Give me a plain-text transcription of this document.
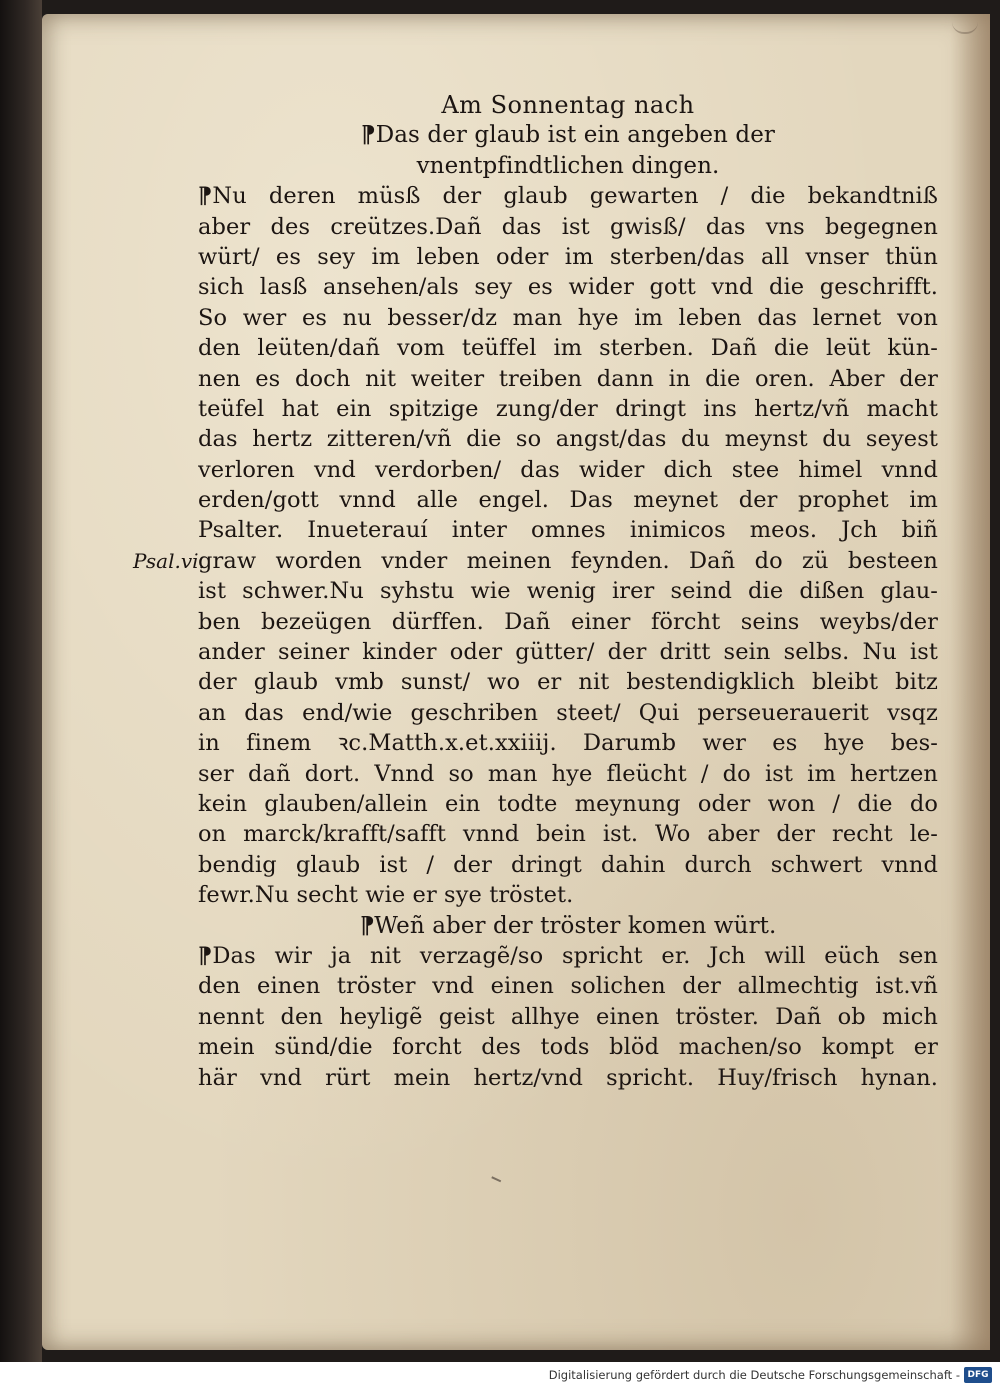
Psal.vi.
Am Sonnentag nach
¶Das der glaub ist ein angeben der
vnentpfindtlichen dingen.
¶Nu deren müsß der glaub gewarten / die bekandtniß
aber des creützes.Dañ das ist gwisß/ das vns begegnen
würt/ es sey im leben oder im sterben/das all vnser thün
sich lasß ansehen/als sey es wider gott vnd die geschrifft.
So wer es nu besser/dz man hye im leben das lernet von
den leüten/dañ vom teüffel im sterben. Dañ die leüt kün-
nen es doch nit weiter treiben dann in die oren. Aber der
teüfel hat ein spitzige zung/der dringt ins hertz/vñ macht
das hertz zitteren/vñ die so angst/das du meynst du seyest
verloren vnd verdorben/ das wider dich stee himel vnnd
erden/gott vnnd alle engel. Das meynet der prophet im
Psalter. Inueterauí inter omnes inimicos meos. Jch biñ
graw worden vnder meinen feynden. Dañ do zü besteen
ist schwer.Nu syhstu wie wenig irer seind die dißen glau-
ben bezeügen dürffen. Dañ einer förcht seins weybs/der
ander seiner kinder oder gütter/ der dritt sein selbs. Nu ist
der glaub vmb sunst/ wo er nit bestendigklich bleibt bitz
an das end/wie geschriben steet/ Qui perseuerauerit vsqz
in finem ꝛc.Matth.x.et.xxiiij. Darumb wer es hye bes-
ser dañ dort. Vnnd so man hye fleücht / do ist im hertzen
kein glauben/allein ein todte meynung oder won / die do
on marck/krafft/safft vnnd bein ist. Wo aber der recht le-
bendig glaub ist / der dringt dahin durch schwert vnnd
fewr.Nu secht wie er sye tröstet.
¶Weñ aber der tröster komen würt.
¶Das wir ja nit verzagẽ/so spricht er. Jch will eüch sen
den einen tröster vnd einen solichen der allmechtig ist.vñ
nennt den heyligẽ geist allhye einen tröster. Dañ ob mich
mein sünd/die forcht des tods blöd machen/so kompt er
här vnd rürt mein hertz/vnd spricht. Huy/frisch hynan.
Digitalisierung gefördert durch die Deutsche Forschungsgemeinschaft - DFG
